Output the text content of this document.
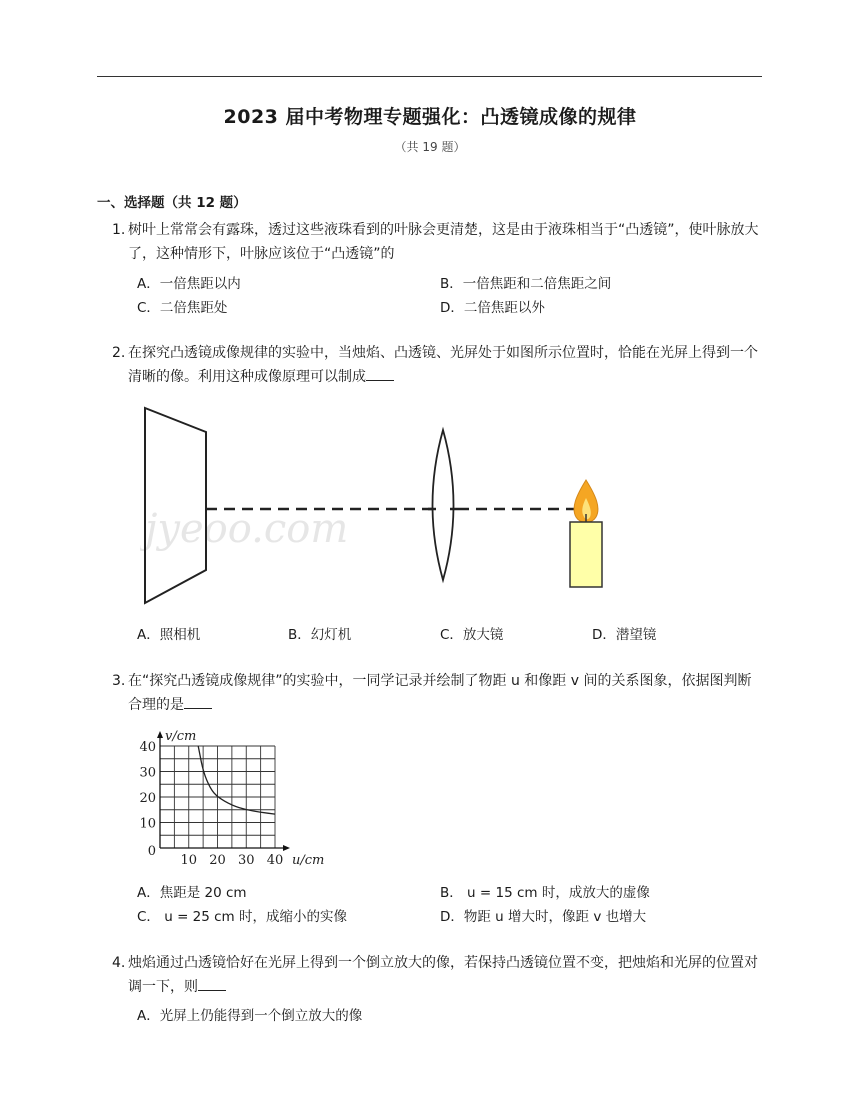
2023 届中考物理专题强化：凸透镜成像的规律
（共 19 题）
一、选择题（共 12 题）
1. 树叶上常常会有露珠，透过这些液珠看到的叶脉会更清楚，这是由于液珠相当于“凸透镜”，使叶脉放大了，这种情形下，叶脉应该位于“凸透镜”的
A．一倍焦距以内	B．一倍焦距和二倍焦距之间
C．二倍焦距处	D．二倍焦距以外
2. 在探究凸透镜成像规律的实验中，当烛焰、凸透镜、光屏处于如图所示位置时，恰能在光屏上得到一个清晰的像。利用这种成像原理可以制成
jyeoo.com
A．照相机	B．幻灯机	C．放大镜	D．潜望镜
3. 在“探究凸透镜成像规律”的实验中，一同学记录并绘制了物距 u 和像距 v 间的关系图象，依据图判断合理的是
10 20 30 40
0
10
20
30
40
v/cm
u/cm
A．焦距是 20 cm	B． u = 15 cm 时，成放大的虚像
C． u = 25 cm 时，成缩小的实像	D．物距 u 增大时，像距 v 也增大
4. 烛焰通过凸透镜恰好在光屏上得到一个倒立放大的像，若保持凸透镜位置不变，把烛焰和光屏的位置对调一下，则
A．光屏上仍能得到一个倒立放大的像
